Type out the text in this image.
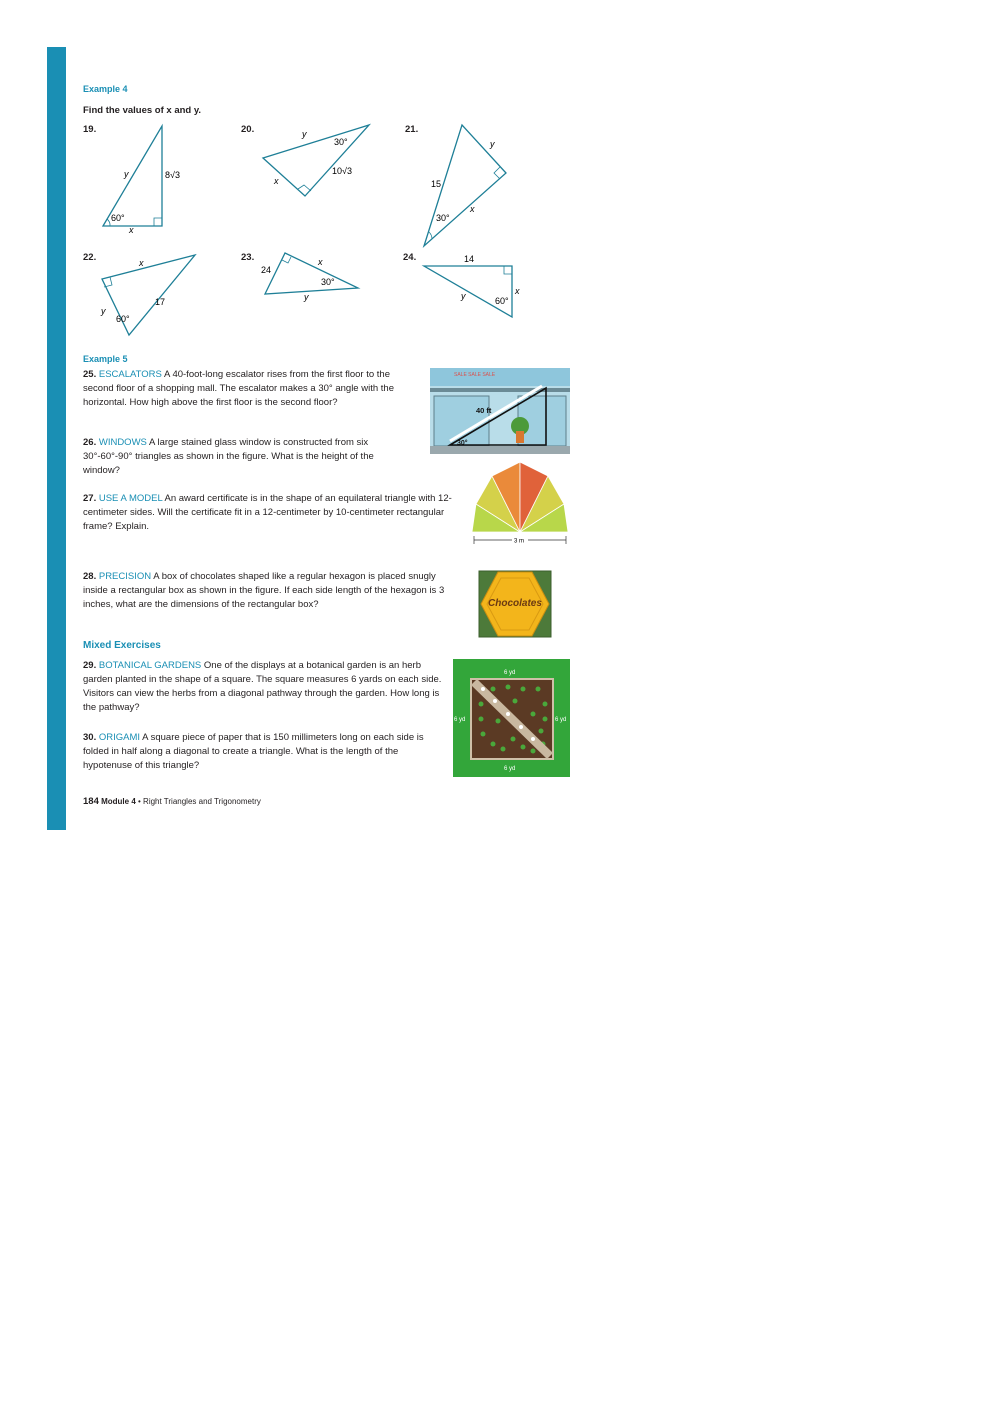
Example 4
Find the values of x and y.
19.
y	8√3
60°
x
20.	y
30°
10√3
x
21.
y
15
30°
x
22.	x
17
y
60°
23.
24
x
30°
y
24.	14
x
y	60°
Example 5
25. ESCALATORS A 40-foot-long escalator rises from the first floor to the second floor of a shopping mall. The escalator makes a 30° angle with the horizontal. How high above the first floor is the second floor?
SALE SALE SALE
40 ft
30°
26. WINDOWS A large stained glass window is constructed from six 30°-60°-90° triangles as shown in the figure. What is the height of the window?
3 m
27. USE A MODEL An award certificate is in the shape of an equilateral triangle with 12-centimeter sides. Will the certificate fit in a 12-centimeter by 10-centimeter rectangular frame? Explain.
28. PRECISION A box of chocolates shaped like a regular hexagon is placed snugly inside a rectangular box as shown in the figure. If each side length of the hexagon is 3 inches, what are the dimensions of the rectangular box?	Chocolates
Mixed Exercises
29. BOTANICAL GARDENS One of the displays at a botanical garden is an herb garden planted in the shape of a square. The square measures 6 yards on each side. Visitors can view the herbs from a diagonal pathway through the garden. How long is the pathway?
6 yd
6 yd	6 yd
6 yd
30. ORIGAMI A square piece of paper that is 150 millimeters long on each side is folded in half along a diagonal to create a triangle. What is the length of the hypotenuse of this triangle?
184 Module 4 • Right Triangles and Trigonometry
